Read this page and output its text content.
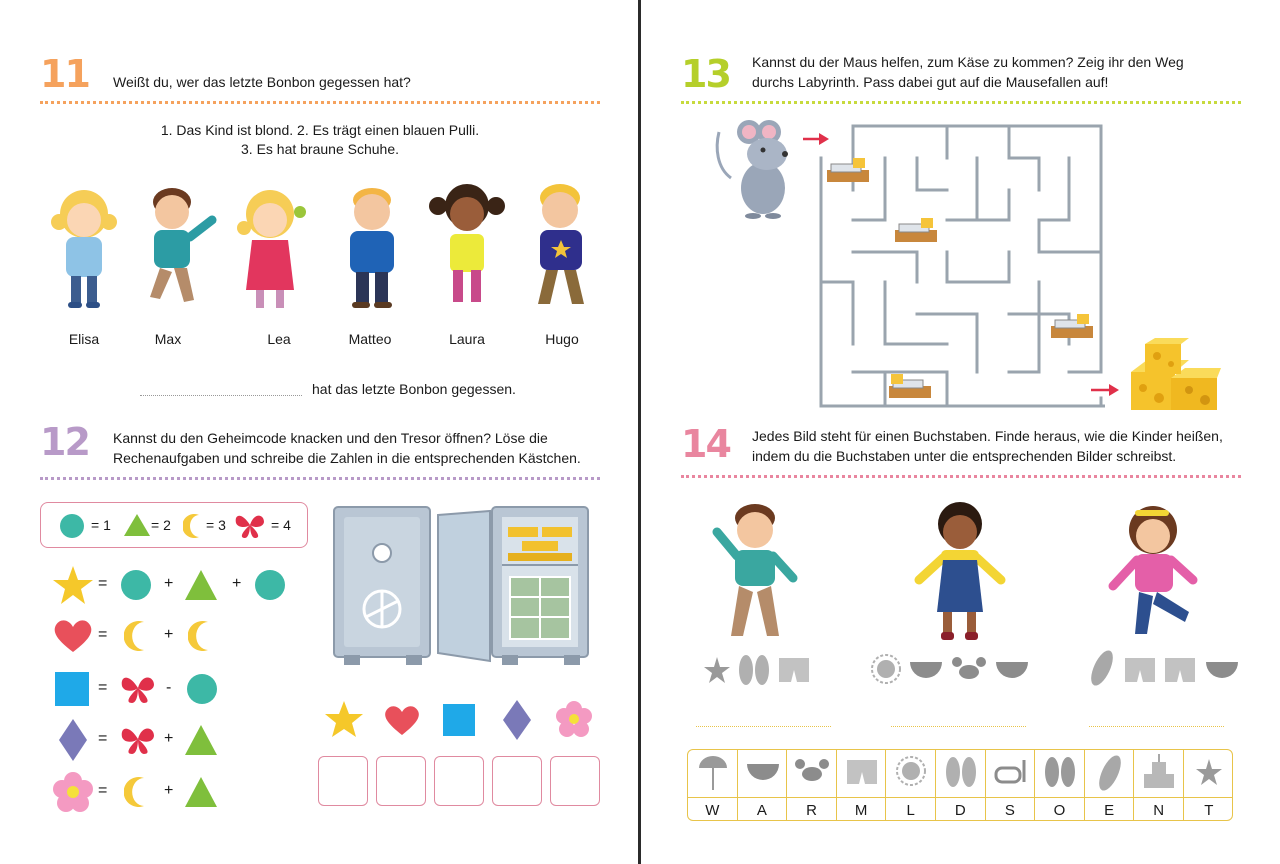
11 Weißt du, wer das letzte Bonbon gegessen hat?
1. Das Kind ist blond. 2. Es trägt einen blauen Pulli.
3. Es hat braune Schuhe.
Elisa	Max	Lea	Matteo	Laura	Hugo
hat das letzte Bonbon gegessen.
12 Kannst du den Geheimcode knacken und den Tresor öffnen? Löse die
Rechenaufgaben und schreibe die Zahlen in die entsprechenden Kästchen.
= 1	= 2	= 3	= 4
=	+	+
=	+
=	-
=	+
=	+
13 Kannst du der Maus helfen, zum Käse zu kommen? Zeig ihr den Weg
durchs Labyrinth. Pass dabei gut auf die Mausefallen auf!
14 Jedes Bild steht für einen Buchstaben. Finde heraus, wie die Kinder heißen,
indem du die Buchstaben unter die entsprechenden Bilder schreibst.
W	A	R	M	L	D	S	O	E	N	T
